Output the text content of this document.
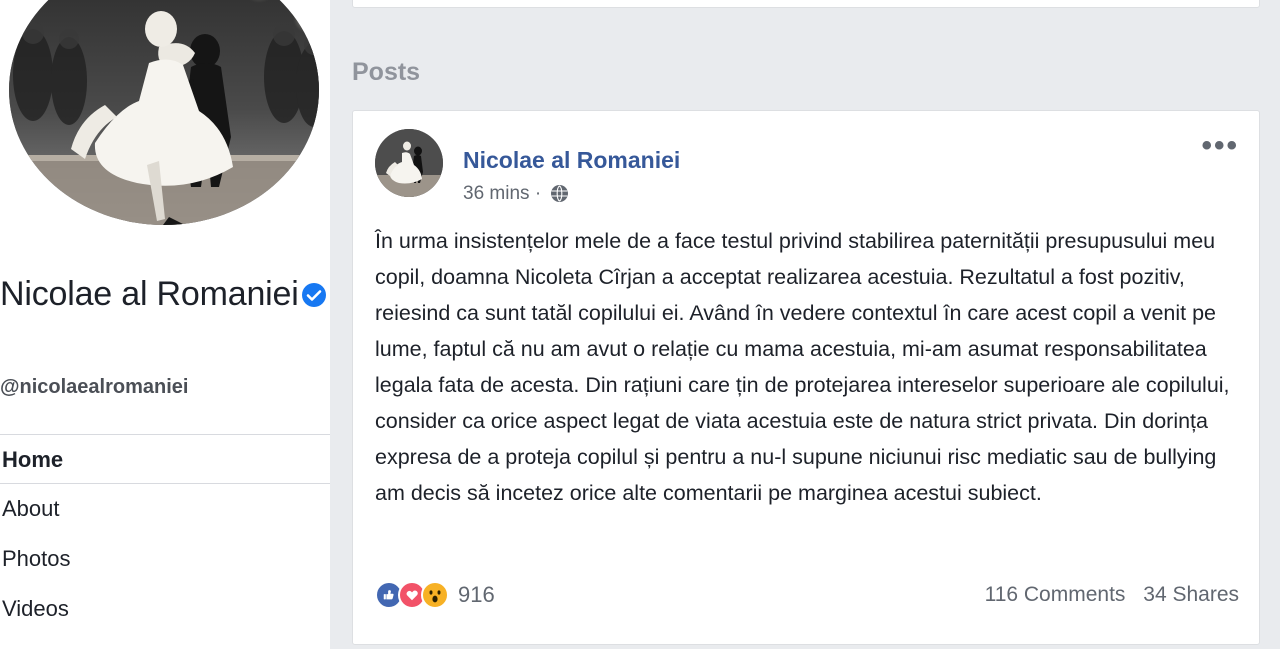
Nicolae al Romaniei
@nicolaealromaniei
Home
About
Photos
Videos
Posts
Nicolae al Romaniei
36 mins ·
•••
În urma insistențelor mele de a face testul privind stabilirea paternității presupusului meu copil, doamna Nicoleta Cîrjan a acceptat realizarea acestuia. Rezultatul a fost pozitiv, reiesind ca sunt tatăl copilului ei. Având în vedere contextul în care acest copil a venit pe lume, faptul că nu am avut o relație cu mama acestuia, mi-am asumat responsabilitatea legala fata de acesta. Din rațiuni care țin de protejarea intereselor superioare ale copilului, consider ca orice aspect legat de viata acestuia este de natura strict privata. Din dorința expresa de a proteja copilul și pentru a nu-l supune niciunui risc mediatic sau de bullying am decis să incetez orice alte comentarii pe marginea acestui subiect.
916	116 Comments 34 Shares
